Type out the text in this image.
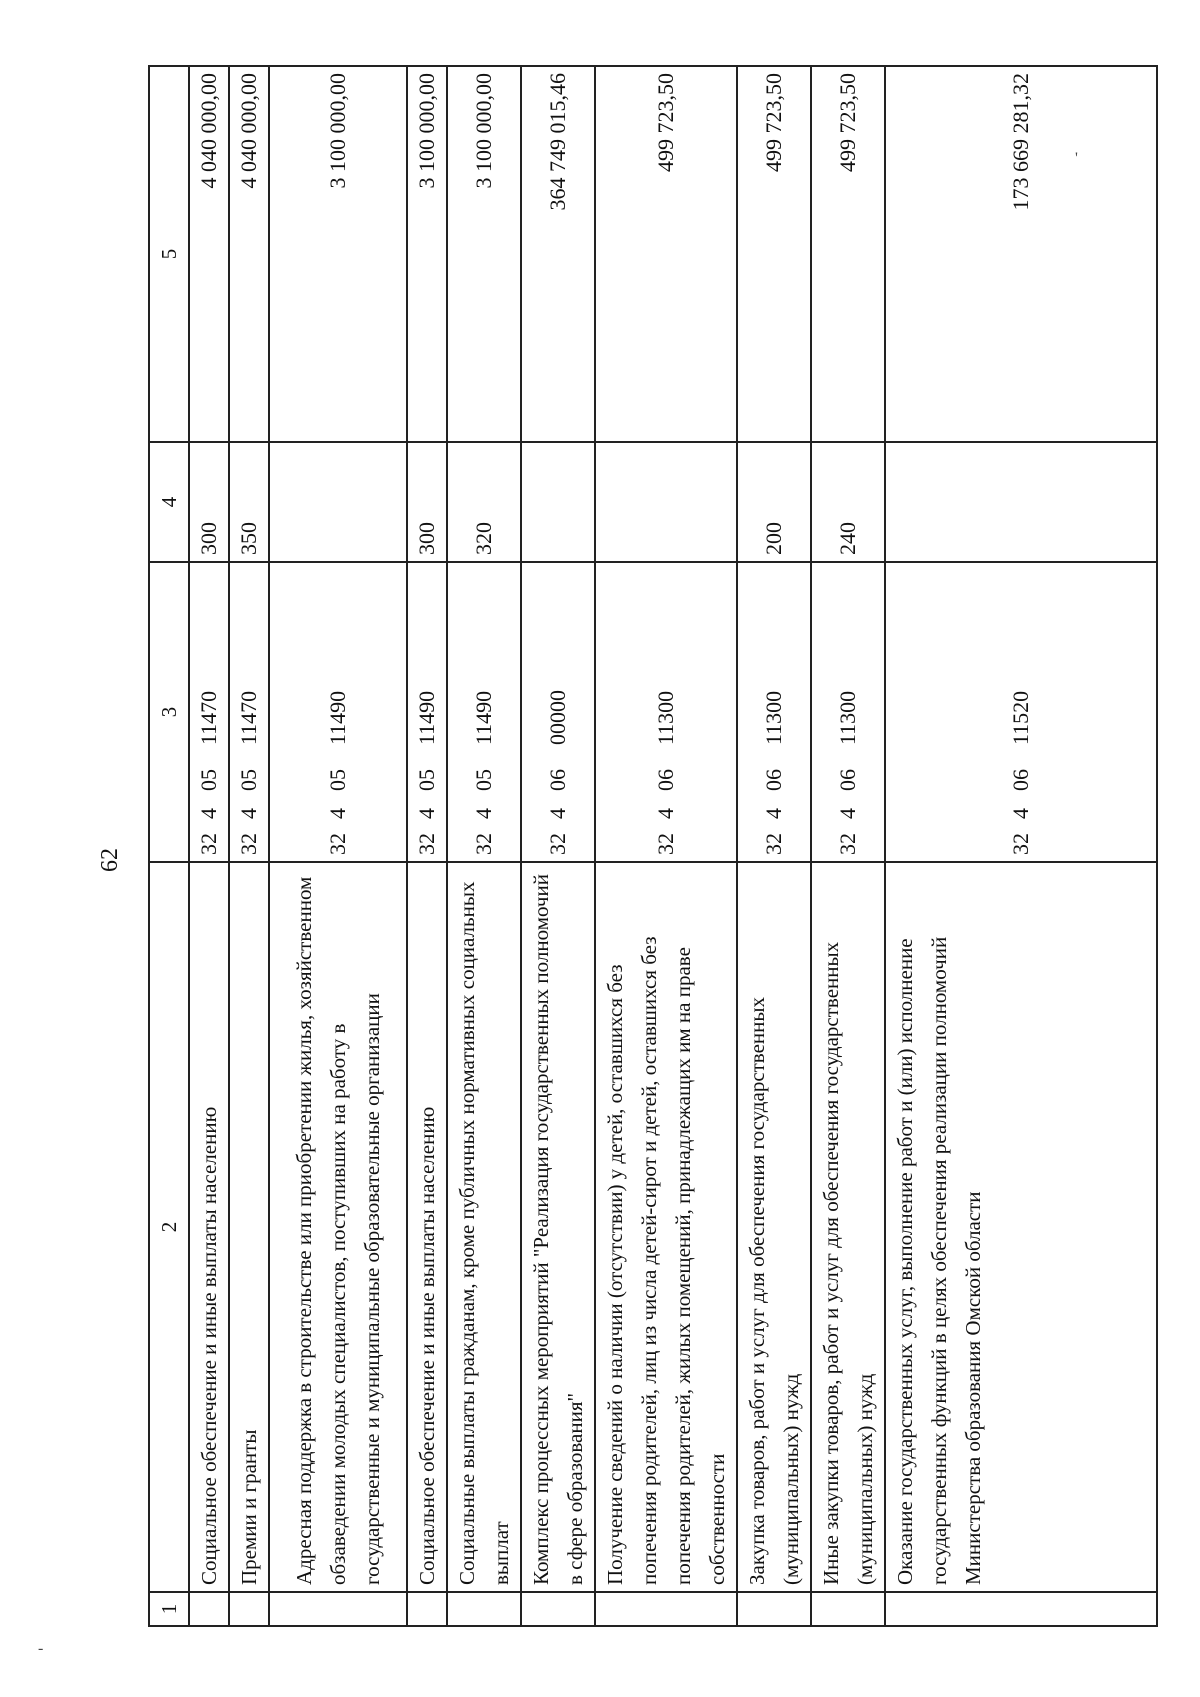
62
-
'
1	2	3	4	5
	Социальное обеспечение и иные выплаты населению	3240511470	300	4 040 000,00
	Премии и гранты	3240511470	350	4 040 000,00
	Адресная поддержка в строительстве или приобретении жилья, хозяйственном обзаведении молодых специалистов, поступивших на работу в государственные и муниципальные образовательные организации	3240511490		3 100 000,00
	Социальное обеспечение и иные выплаты населению	3240511490	300	3 100 000,00
	Социальные выплаты гражданам, кроме публичных нормативных социальных выплат	3240511490	320	3 100 000,00
	Комплекс процессных мероприятий "Реализация государственных полномочий в сфере образования"	3240600000		364 749 015,46
	Получение сведений о наличии (отсутствии) у детей, оставшихся без попечения родителей, лиц из числа детей-сирот и детей, оставшихся без попечения родителей, жилых помещений, принадлежащих им на праве собственности	3240611300		499 723,50
	Закупка товаров, работ и услуг для обеспечения государственных (муниципальных) нужд	3240611300	200	499 723,50
	Иные закупки товаров, работ и услуг для обеспечения государственных (муниципальных) нужд	3240611300	240	499 723,50
	Оказание государственных услуг, выполнение работ и (или) исполнение государственных функций в целях обеспечения реализации полномочий Министерства образования Омской области	3240611520		173 669 281,32
